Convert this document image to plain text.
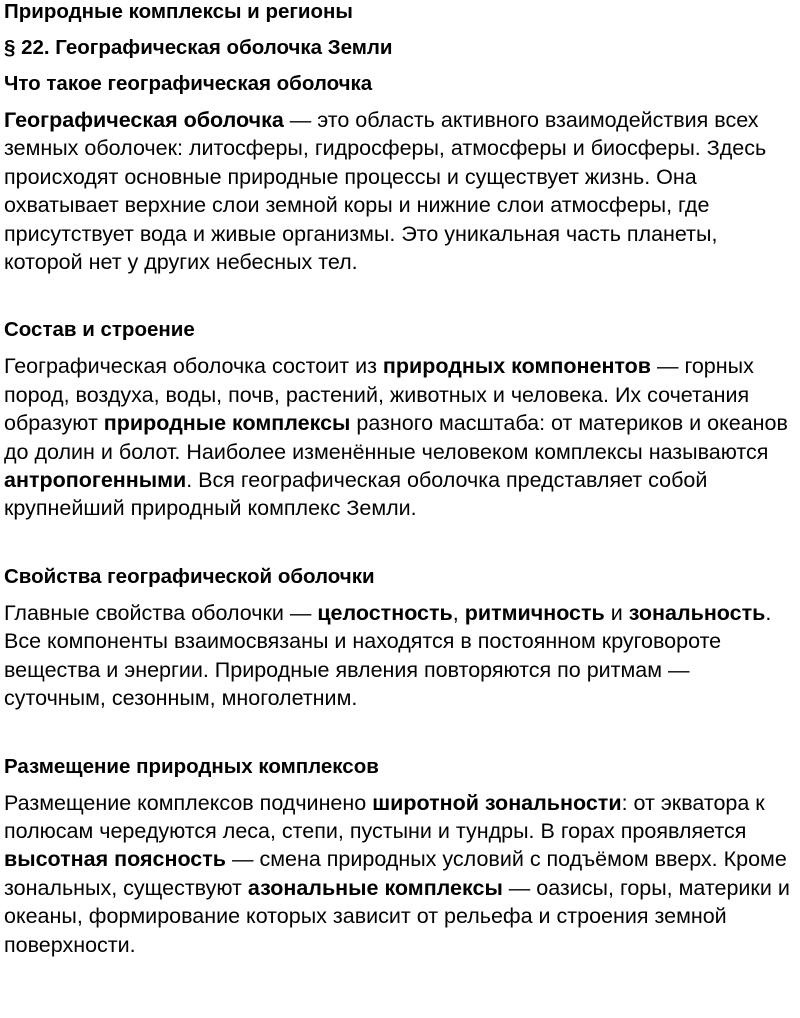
Природные комплексы и регионы
§ 22. Географическая оболочка Земли
Что такое географическая оболочка

Географическая оболочка — это область активного взаимодействия всех земных оболочек: литосферы, гидросферы, атмосферы и биосферы. Здесь происходят основные природные процессы и существует жизнь. Она охватывает верхние слои земной коры и нижние слои атмосферы, где присутствует вода и живые организмы. Это уникальная часть планеты, которой нет у других небесных тел.

Состав и строение

Географическая оболочка состоит из природных компонентов — горных пород, воздуха, воды, почв, растений, животных и человека. Их сочетания образуют природные комплексы разного масштаба: от материков и океанов до долин и болот. Наиболее изменённые человеком комплексы называются антропогенными. Вся географическая оболочка представляет собой крупнейший природный комплекс Земли.

Свойства географической оболочки

Главные свойства оболочки — целостность, ритмичность и зональность. Все компоненты взаимосвязаны и находятся в постоянном круговороте вещества и энергии. Природные явления повторяются по ритмам — суточным, сезонным, многолетним.

Размещение природных комплексов

Размещение комплексов подчинено широтной зональности: от экватора к полюсам чередуются леса, степи, пустыни и тундры. В горах проявляется высотная поясность — смена природных условий с подъёмом вверх. Кроме зональных, существуют азональные комплексы — оазисы, горы, материки и океаны, формирование которых зависит от рельефа и строения земной поверхности.
